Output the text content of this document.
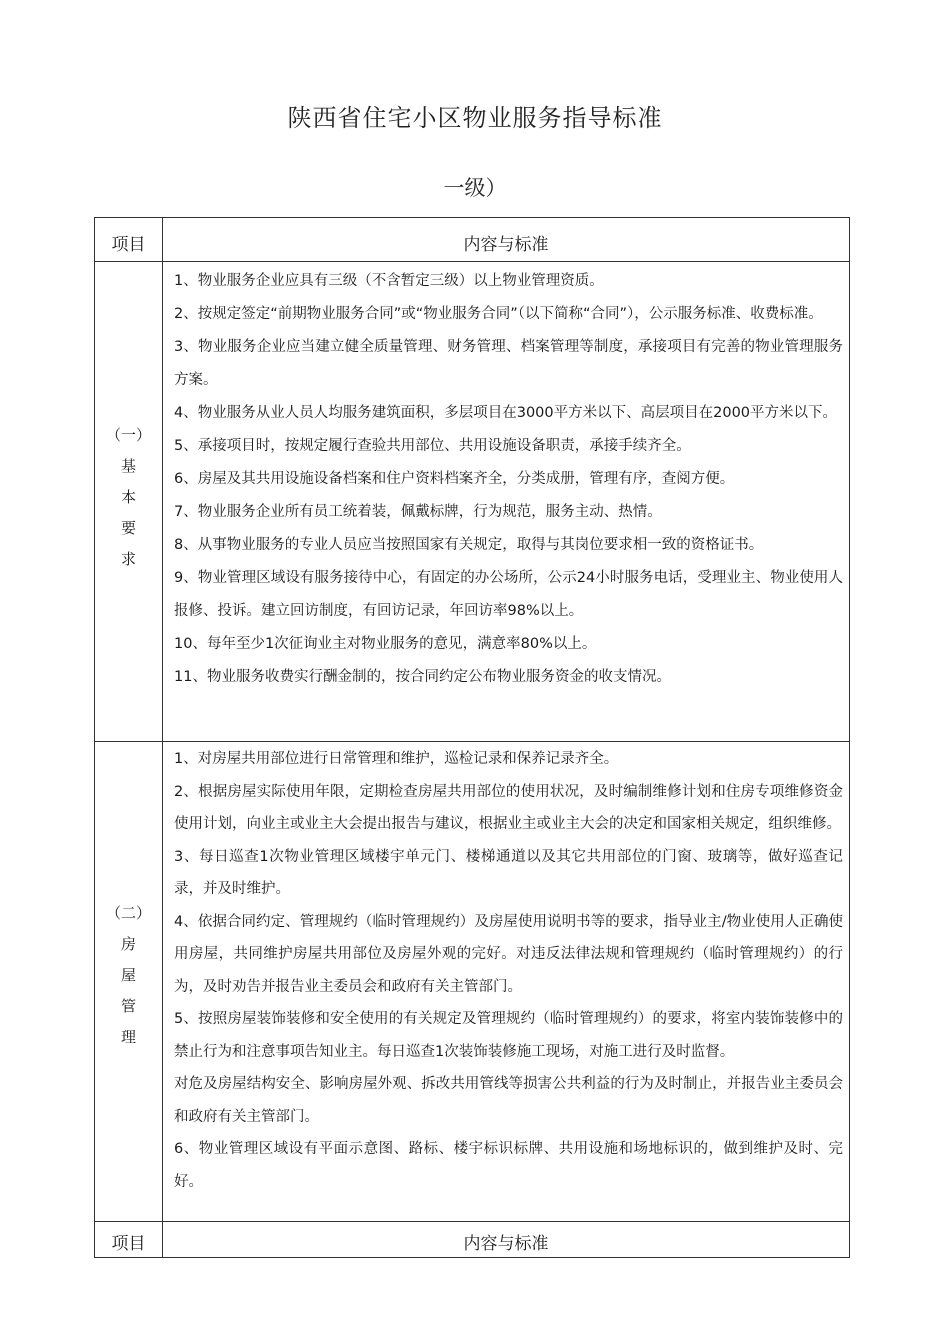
陕西省住宅小区物业服务指导标准
一级）
项目	内容与标准
（一）
基
本
要
求

1、物业服务企业应具有三级（不含暂定三级）以上物业管理资质。

2、按规定签定“前期物业服务合同”或“物业服务合同”（以下简称“合同”），公示服务标准、收费标准。

3、物业服务企业应当建立健全质量管理、财务管理、档案管理等制度，承接项目有完善的物业管理服务方案。

4、物业服务从业人员人均服务建筑面积，多层项目在3000平方米以下、高层项目在2000平方米以下。

5、承接项目时，按规定履行查验共用部位、共用设施设备职责，承接手续齐全。

6、房屋及其共用设施设备档案和住户资料档案齐全，分类成册，管理有序，查阅方便。

7、物业服务企业所有员工统着装，佩戴标牌，行为规范，服务主动、热情。

8、从事物业服务的专业人员应当按照国家有关规定，取得与其岗位要求相一致的资格证书。

9、物业管理区域设有服务接待中心，有固定的办公场所，公示24小时服务电话，受理业主、物业使用人报修、投诉。建立回访制度，有回访记录，年回访率98%以上。

10、每年至少1次征询业主对物业服务的意见，满意率80%以上。

11、物业服务收费实行酬金制的，按合同约定公布物业服务资金的收支情况。

（二）
房
屋
管
理

1、对房屋共用部位进行日常管理和维护，巡检记录和保养记录齐全。

2、根据房屋实际使用年限，定期检查房屋共用部位的使用状况，及时编制维修计划和住房专项维修资金使用计划，向业主或业主大会提出报告与建议，根据业主或业主大会的决定和国家相关规定，组织维修。

3、每日巡查1次物业管理区域楼宇单元门、楼梯通道以及其它共用部位的门窗、玻璃等，做好巡查记录，并及时维护。

4、依据合同约定、管理规约（临时管理规约）及房屋使用说明书等的要求，指导业主/物业使用人正确使用房屋，共同维护房屋共用部位及房屋外观的完好。对违反法律法规和管理规约（临时管理规约）的行为，及时劝告并报告业主委员会和政府有关主管部门。

5、按照房屋装饰装修和安全使用的有关规定及管理规约（临时管理规约）的要求，将室内装饰装修中的禁止行为和注意事项告知业主。每日巡查1次装饰装修施工现场，对施工进行及时监督。

对危及房屋结构安全、影响房屋外观、拆改共用管线等损害公共利益的行为及时制止，并报告业主委员会和政府有关主管部门。

6、物业管理区域设有平面示意图、路标、楼宇标识标牌、共用设施和场地标识的，做到维护及时、完好。

项目	内容与标准
